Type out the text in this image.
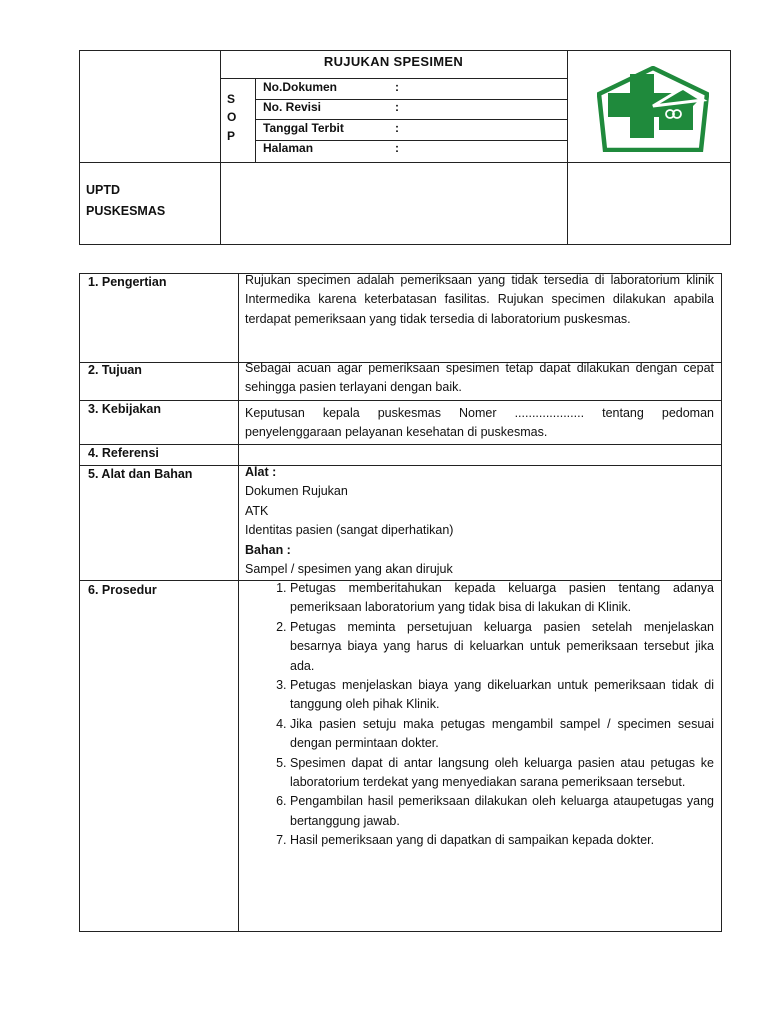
RUJUKAN SPESIMEN
S
O
P
No.Dokumen	:
No. Revisi	:
Tanggal Terbit	:
Halaman	:
UPTD
PUSKESMAS
1. Pengertian	Rujukan specimen adalah pemeriksaan yang tidak tersedia di laboratorium klinik Intermedika karena keterbatasan fasilitas. Rujukan specimen dilakukan apabila terdapat pemeriksaan yang tidak tersedia di laboratorium puskesmas.
2. Tujuan	Sebagai acuan agar pemeriksaan spesimen tetap dapat dilakukan dengan cepat sehingga pasien terlayani dengan baik.
3. Kebijakan	Keputusan kepala puskesmas Nomer .................... tentang pedoman penyelenggaraan pelayanan kesehatan di puskesmas.
4. Referensi
5. Alat dan Bahan	Alat :
Dokumen Rujukan
ATK
Identitas pasien (sangat diperhatikan)
Bahan :
Sampel / spesimen yang akan dirujuk
6. Prosedur
1.	Petugas memberitahukan kepada keluarga pasien tentang adanya pemeriksaan laboratorium yang tidak bisa di lakukan di Klinik.
2. Petugas meminta persetujuan keluarga pasien setelah menjelaskan besarnya biaya yang harus di keluarkan untuk pemeriksaan tersebut jika ada.
3. Petugas menjelaskan biaya yang dikeluarkan untuk pemeriksaan tidak di tanggung oleh pihak Klinik.
4. Jika pasien setuju maka petugas mengambil sampel / specimen sesuai dengan permintaan dokter.
5. Spesimen dapat di antar langsung oleh keluarga pasien atau petugas ke laboratorium terdekat yang menyediakan sarana pemeriksaan tersebut.
6. Pengambilan hasil pemeriksaan dilakukan oleh keluarga ataupetugas yang bertanggung jawab.
7. Hasil pemeriksaan yang di dapatkan di sampaikan kepada dokter.
